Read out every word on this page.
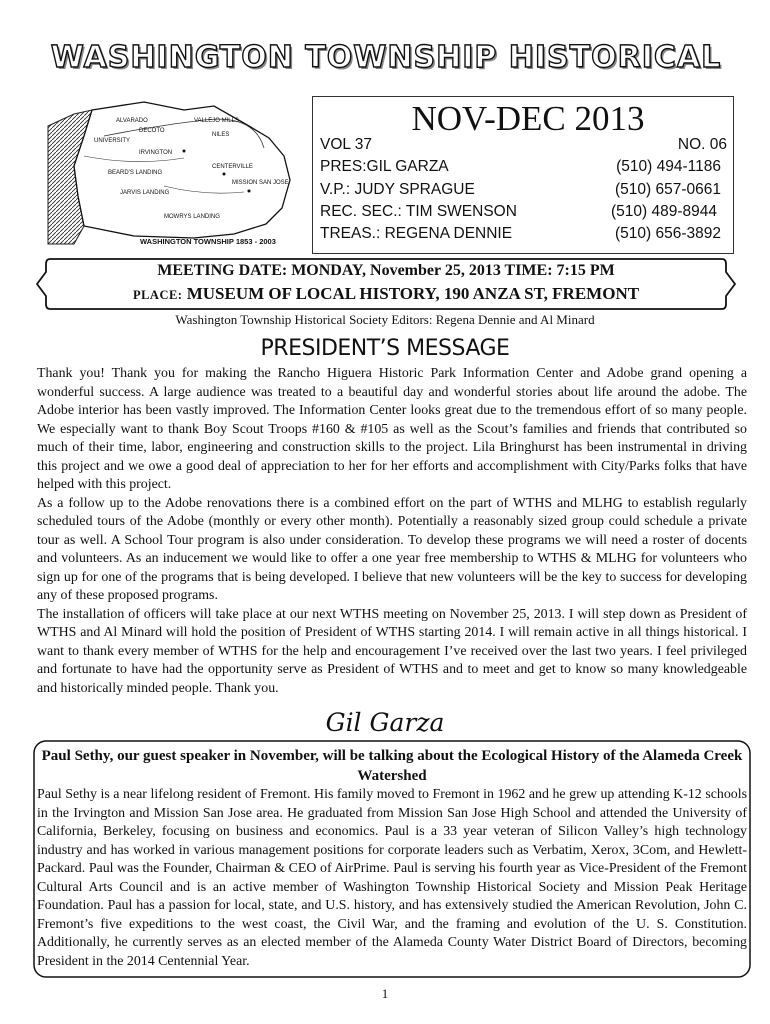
WASHINGTON TOWNSHIP HISTORICAL
ALVARADO	VALLEJO MILLS
DECOTO
NILES
UNIVERSITY
IRVINGTON
CENTERVILLE
MISSION SAN JOSE
BEARD'S LANDING
JARVIS LANDING
MOWRYS LANDING
WASHINGTON TOWNSHIP 1853 - 2003
NOV-DEC 2013
VOL 37	NO. 06
PRES:GIL GARZA	(510) 494-1186
V.P.: JUDY SPRAGUE	(510) 657-0661
REC. SEC.: TIM SWENSON	(510) 489-8944
TREAS.: REGENA DENNIE	(510) 656-3892
MEETING DATE: MONDAY, November 25, 2013 TIME: 7:15 PM
PLACE: MUSEUM OF LOCAL HISTORY, 190 ANZA ST, FREMONT
Washington Township Historical Society Editors: Regena Dennie and Al Minard
PRESIDENT’S MESSAGE

Thank you! Thank you for making the Rancho Higuera Historic Park Information Center and Adobe grand opening a wonderful success. A large audience was treated to a beautiful day and wonderful stories about life around the adobe. The Adobe interior has been vastly improved. The Information Center looks great due to the tremendous effort of so many people. We especially want to thank Boy Scout Troops #160 & #105 as well as the Scout’s families and friends that contributed so much of their time, labor, engineering and construction skills to the project. Lila Bringhurst has been instrumental in driving this project and we owe a good deal of appreciation to her for her efforts and accomplishment with City/Parks folks that have helped with this project.

As a follow up to the Adobe renovations there is a combined effort on the part of WTHS and MLHG to establish regularly scheduled tours of the Adobe (monthly or every other month). Potentially a reasonably sized group could schedule a private tour as well. A School Tour program is also under consideration. To develop these programs we will need a roster of docents and volunteers. As an inducement we would like to offer a one year free membership to WTHS & MLHG for volunteers who sign up for one of the programs that is being developed. I believe that new volunteers will be the key to success for developing any of these proposed programs.

The installation of officers will take place at our next WTHS meeting on November 25, 2013. I will step down as President of WTHS and Al Minard will hold the position of President of WTHS starting 2014. I will remain active in all things historical. I want to thank every member of WTHS for the help and encouragement I’ve received over the last two years. I feel privileged and fortunate to have had the opportunity serve as President of WTHS and to meet and get to know so many knowledgeable and historically minded people. Thank you.

Gil Garza
Paul Sethy, our guest speaker in November, will be talking about the Ecological History of the Alameda Creek Watershed
Paul Sethy is a near lifelong resident of Fremont. His family moved to Fremont in 1962 and he grew up attending K-12 schools in the Irvington and Mission San Jose area. He graduated from Mission San Jose High School and attended the University of California, Berkeley, focusing on business and economics. Paul is a 33 year veteran of Silicon Valley’s high technology industry and has worked in various management positions for corporate leaders such as Verbatim, Xerox, 3Com, and Hewlett-Packard. Paul was the Founder, Chairman & CEO of AirPrime. Paul is serving his fourth year as Vice-President of the Fremont Cultural Arts Council and is an active member of Washington Township Historical Society and Mission Peak Heritage Foundation. Paul has a passion for local, state, and U.S. history, and has extensively studied the American Revolution, John C. Fremont’s five expeditions to the west coast, the Civil War, and the framing and evolution of the U. S. Constitution. Additionally, he currently serves as an elected member of the Alameda County Water District Board of Directors, becoming President in the 2014 Centennial Year.
1
